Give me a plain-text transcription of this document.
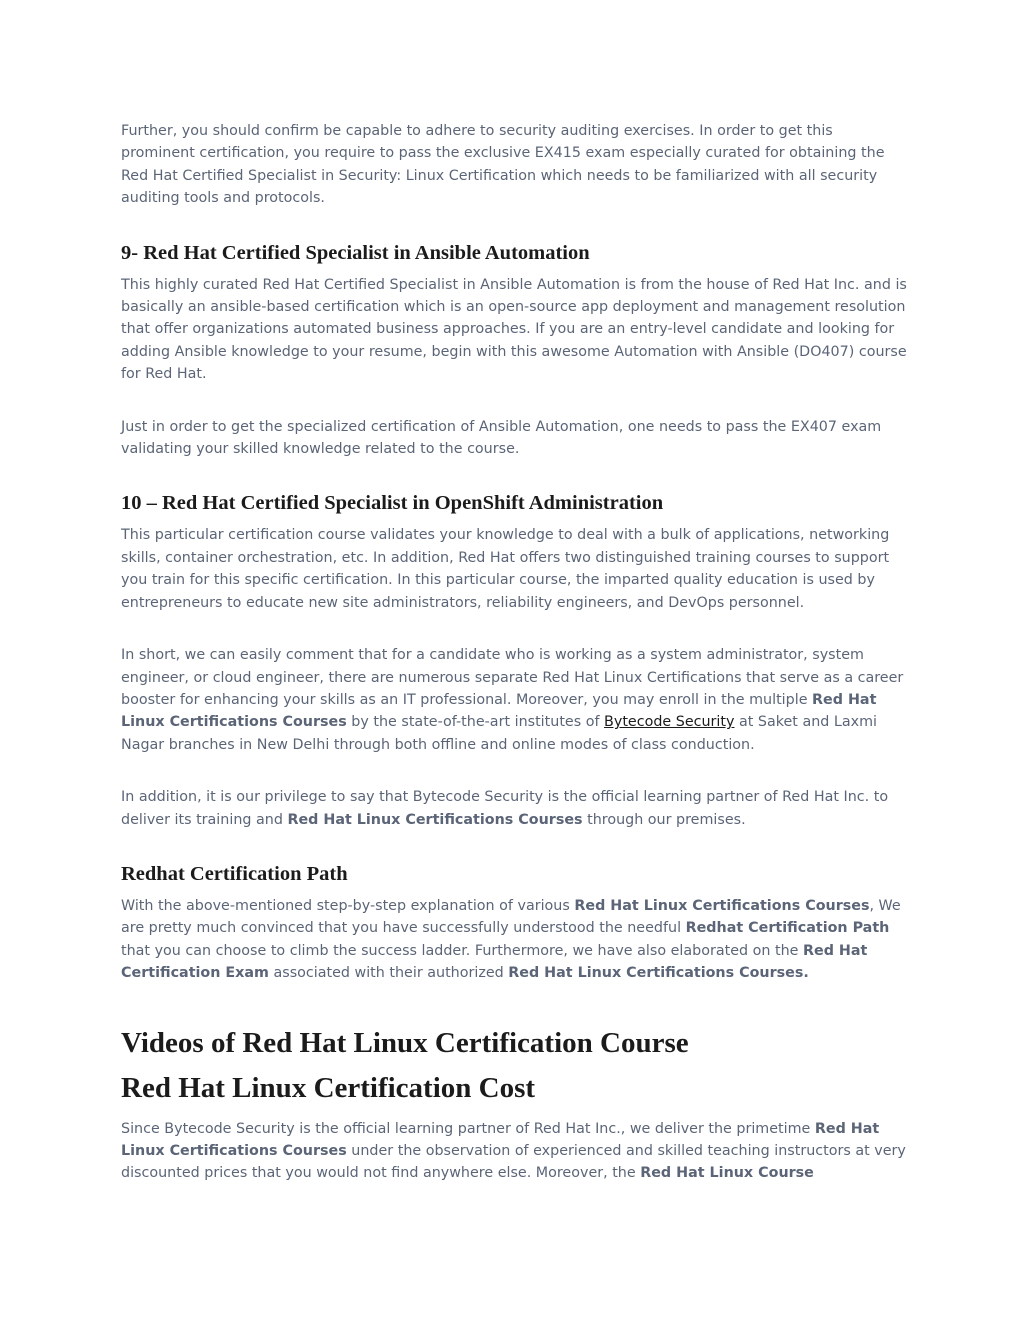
Further, you should confirm be capable to adhere to security auditing exercises. In order to get this prominent certification, you require to pass the exclusive EX415 exam especially curated for obtaining the Red Hat Certified Specialist in Security: Linux Certification which needs to be familiarized with all security auditing tools and protocols.

9- Red Hat Certified Specialist in Ansible Automation

This highly curated Red Hat Certified Specialist in Ansible Automation is from the house of Red Hat Inc. and is basically an ansible-based certification which is an open-source app deployment and management resolution that offer organizations automated business approaches. If you are an entry-level candidate and looking for adding Ansible knowledge to your resume, begin with this awesome Automation with Ansible (DO407) course for Red Hat.

Just in order to get the specialized certification of Ansible Automation, one needs to pass the EX407 exam validating your skilled knowledge related to the course.

10 – Red Hat Certified Specialist in OpenShift Administration

This particular certification course validates your knowledge to deal with a bulk of applications, networking skills, container orchestration, etc. In addition, Red Hat offers two distinguished training courses to support you train for this specific certification. In this particular course, the imparted quality education is used by entrepreneurs to educate new site administrators, reliability engineers, and DevOps personnel.

In short, we can easily comment that for a candidate who is working as a system administrator, system engineer, or cloud engineer, there are numerous separate Red Hat Linux Certifications that serve as a career booster for enhancing your skills as an IT professional. Moreover, you may enroll in the multiple Red Hat Linux Certifications Courses by the state-of-the-art institutes of Bytecode Security at Saket and Laxmi Nagar branches in New Delhi through both offline and online modes of class conduction.

In addition, it is our privilege to say that Bytecode Security is the official learning partner of Red Hat Inc. to deliver its training and Red Hat Linux Certifications Courses through our premises.

Redhat Certification Path

With the above-mentioned step-by-step explanation of various Red Hat Linux Certifications Courses, We are pretty much convinced that you have successfully understood the needful Redhat Certification Path that you can choose to climb the success ladder. Furthermore, we have also elaborated on the Red Hat Certification Exam associated with their authorized Red Hat Linux Certifications Courses.

Videos of Red Hat Linux Certification Course
Red Hat Linux Certification Cost

Since Bytecode Security is the official learning partner of Red Hat Inc., we deliver the primetime Red Hat Linux Certifications Courses under the observation of experienced and skilled teaching instructors at very discounted prices that you would not find anywhere else. Moreover, the Red Hat Linux Course
